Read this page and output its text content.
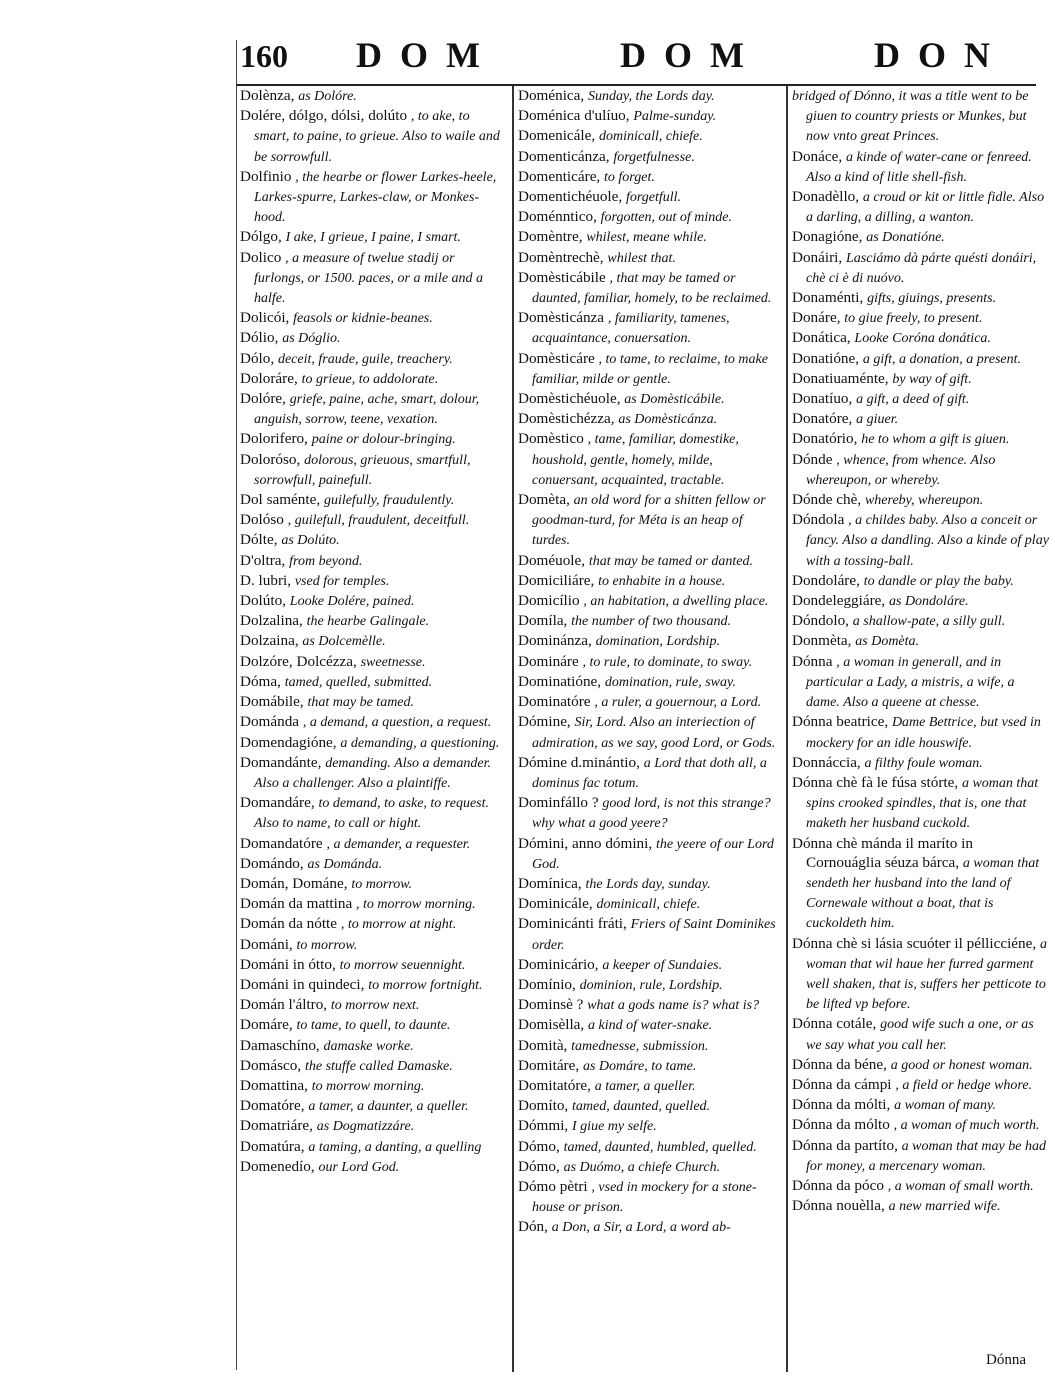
160 DOM	DOM	DON

Dolènza, as Dolóre.

Dolére, dólgo, dólsi, dolúto , to ake, to smart, to paine, to grieue. Also to waile and be sorrowfull.

Dolfinio , the hearbe or flower Larkes-heele, Larkes-spurre, Larkes-claw, or Monkes-hood.

Dólgo, I ake, I grieue, I paine, I smart.

Dolico , a measure of twelue stadij or furlongs, or 1500. paces, or a mile and a halfe.

Dolicói, feasols or kidnie-beanes.

Dólio, as Dóglio.

Dólo, deceit, fraude, guile, treachery.

Doloráre, to grieue, to addolorate.

Dolóre, griefe, paine, ache, smart, dolour, anguish, sorrow, teene, vexation.

Dolorifero, paine or dolour-bringing.

Doloróso, dolorous, grieuous, smartfull, sorrowfull, painefull.

Dol saménte, guilefully, fraudulently.

Dolóso , guilefull, fraudulent, deceitfull.

Dólte, as Dolúto.

D'oltra, from beyond.

D. lubri, vsed for temples.

Dolúto, Looke Dolére, pained.

Dolzalina, the hearbe Galingale.

Dolzaina, as Dolcemèlle.

Dolzóre, Dolcézza, sweetnesse.

Dóma, tamed, quelled, submitted.

Domábile, that may be tamed.

Dománda , a demand, a question, a request.

Domendagióne, a demanding, a questioning.

Domandánte, demanding. Also a demander. Also a challenger. Also a plaintiffe.

Domandáre, to demand, to aske, to request. Also to name, to call or hight.

Domandatóre , a demander, a requester.

Domándo, as Dománda.

Domán, Dománe, to morrow.

Domán da mattina , to morrow morning.

Domán da nótte , to morrow at night.

Dománi, to morrow.

Dománi in ótto, to morrow seuennight.

Dománi in quindeci, to morrow fortnight.

Domán l'áltro, to morrow next.

Domáre, to tame, to quell, to daunte.

Damaschíno, damaske worke.

Domásco, the stuffe called Damaske.

Domattina, to morrow morning.

Domatóre, a tamer, a daunter, a queller.

Domatriáre, as Dogmatizzáre.

Domatúra, a taming, a danting, a quelling

Domenedío, our Lord God.

Doménica, Sunday, the Lords day.

Doménica d'ulíuo, Palme-sunday.

Domenicále, dominicall, chiefe.

Domenticánza, forgetfulnesse.

Domenticáre, to forget.

Domentichéuole, forgetfull.

Doménntico, forgotten, out of minde.

Domèntre, whilest, meane while.

Domèntrechè, whilest that.

Domèsticábile , that may be tamed or daunted, familiar, homely, to be reclaimed.

Domèsticánza , familiarity, tamenes, acquaintance, conuersation.

Domèsticáre , to tame, to reclaime, to make familiar, milde or gentle.

Domèstichéuole, as Domèsticábile.

Domèstichézza, as Domèsticánza.

Domèstico , tame, familiar, domestike, houshold, gentle, homely, milde, conuersant, acquainted, tractable.

Domèta, an old word for a shitten fellow or goodman-turd, for Méta is an heap of turdes.

Doméuole, that may be tamed or danted.

Domiciliáre, to enhabite in a house.

Domicílio , an habitation, a dwelling place.

Domíla, the number of two thousand.

Dominánza, domination, Lordship.

Domináre , to rule, to dominate, to sway.

Dominatióne, domination, rule, sway.

Dominatóre , a ruler, a gouernour, a Lord.

Dómine, Sir, Lord. Also an interiection of admiration, as we say, good Lord, or Gods.

Dómine d.minántio, a Lord that doth all, a dominus fac totum.

Dominfállo ? good lord, is not this strange? why what a good yeere?

Dómini, anno dómini, the yeere of our Lord God.

Domínica, the Lords day, sunday.

Dominicále, dominicall, chiefe.

Dominicánti fráti, Friers of Saint Dominikes order.

Dominicário, a keeper of Sundaies.

Domínio, dominion, rule, Lordship.

Dominsè ? what a gods name is? what is?

Domisèlla, a kind of water-snake.

Domità, tamednesse, submission.

Domitáre, as Domáre, to tame.

Domitatóre, a tamer, a queller.

Domíto, tamed, daunted, quelled.

Dómmi, I giue my selfe.

Dómo, tamed, daunted, humbled, quelled.

Dómo, as Duómo, a chiefe Church.

Dómo pètri , vsed in mockery for a stone-house or prison.

Dón, a Don, a Sir, a Lord, a word ab-

bridged of Dónno, it was a title went to be giuen to country priests or Munkes, but now vnto great Princes.

Donáce, a kinde of water-cane or fenreed. Also a kind of litle shell-fish.

Donadèllo, a croud or kit or little fidle. Also a darling, a dilling, a wanton.

Donagióne, as Donatióne.

Donáiri, Lasciámo dà párte quésti donáiri, chè ci è di nuóvo.

Donaménti, gifts, giuings, presents.

Donáre, to giue freely, to present.

Donática, Looke Coróna donática.

Donatióne, a gift, a donation, a present.

Donatiuaménte, by way of gift.

Donatíuo, a gift, a deed of gift.

Donatóre, a giuer.

Donatório, he to whom a gift is giuen.

Dónde , whence, from whence. Also whereupon, or whereby.

Dónde chè, whereby, whereupon.

Dóndola , a childes baby. Also a conceit or fancy. Also a dandling. Also a kinde of play with a tossing-ball.

Dondoláre, to dandle or play the baby.

Dondeleggiáre, as Dondoláre.

Dóndolo, a shallow-pate, a silly gull.

Donmèta, as Domèta.

Dónna , a woman in generall, and in particular a Lady, a mistris, a wife, a dame. Also a queene at chesse.

Dónna beatrice, Dame Bettrice, but vsed in mockery for an idle houswife.

Donnáccia, a filthy foule woman.

Dónna chè fà le fúsa stórte, a woman that spins crooked spindles, that is, one that maketh her husband cuckold.

Dónna chè mánda il maríto in Cornouáglia séuza bárca, a woman that sendeth her husband into the land of Cornewale without a boat, that is cuckoldeth him.

Dónna chè si lásia scuóter il péllicciéne, a woman that wil haue her furred garment well shaken, that is, suffers her petticote to be lifted vp before.

Dónna cotále, good wife such a one, or as we say what you call her.

Dónna da béne, a good or honest woman.

Dónna da cámpi , a field or hedge whore.

Dónna da mólti, a woman of many.

Dónna da mólto , a woman of much worth.

Dónna da partíto, a woman that may be had for money, a mercenary woman.

Dónna da póco , a woman of small worth.

Dónna nouèlla, a new married wife.

Dónna
